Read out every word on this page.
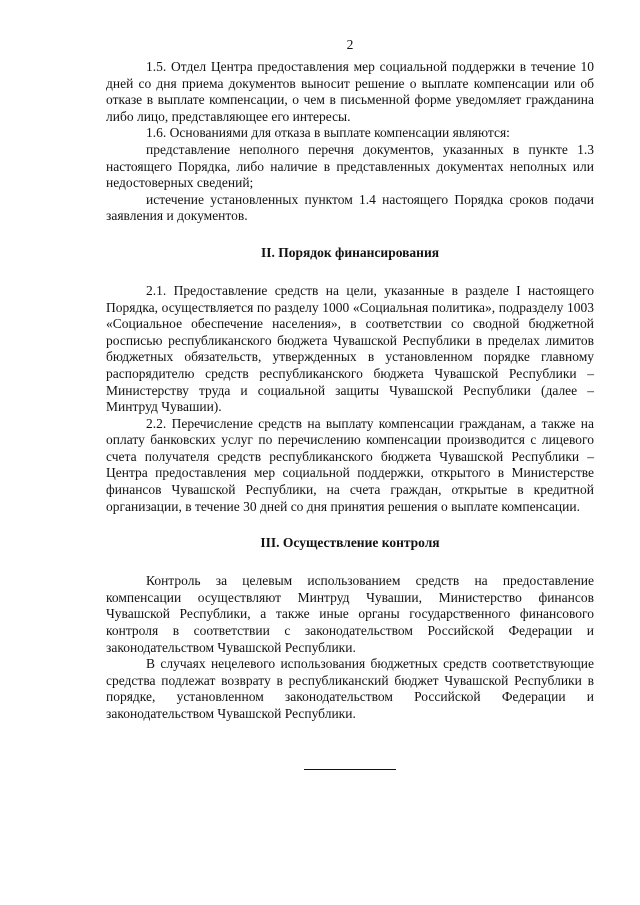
2

1.5. Отдел Центра предоставления мер социальной поддержки в течение 10 дней со дня приема документов выносит решение о выплате компенсации или об отказе в выплате компенсации, о чем в письменной форме уведомляет гражданина либо лицо, представляющее его интересы.

1.6. Основаниями для отказа в выплате компенсации являются:

представление неполного перечня документов, указанных в пункте 1.3 настоящего Порядка, либо наличие в представленных документах неполных или недостоверных сведений;

истечение установленных пунктом 1.4 настоящего Порядка сроков подачи заявления и документов.

II. Порядок финансирования

2.1. Предоставление средств на цели, указанные в разделе I настоящего Порядка, осуществляется по разделу 1000 «Социальная политика», подразделу 1003 «Социальное обеспечение населения», в соответствии со сводной бюджетной росписью республиканского бюджета Чувашской Республики в пределах лимитов бюджетных обязательств, утвержденных в установленном порядке главному распорядителю средств республиканского бюджета Чувашской Республики – Министерству труда и социальной защиты Чувашской Республики (далее – Минтруд Чувашии).

2.2. Перечисление средств на выплату компенсации гражданам, а также на оплату банковских услуг по перечислению компенсации производится с лицевого счета получателя средств республиканского бюджета Чувашской Республики – Центра предоставления мер социальной поддержки, открытого в Министерстве финансов Чувашской Республики, на счета граждан, открытые в кредитной организации, в течение 30 дней со дня принятия решения о выплате компенсации.

III. Осуществление контроля

Контроль за целевым использованием средств на предоставление компенсации осуществляют Минтруд Чувашии, Министерство финансов Чувашской Республики, а также иные органы государственного финансового контроля в соответствии с законодательством Российской Федерации и законодательством Чувашской Республики.

В случаях нецелевого использования бюджетных средств соответствующие средства подлежат возврату в республиканский бюджет Чувашской Республики в порядке, установленном законодательством Российской Федерации и законодательством Чувашской Республики.
